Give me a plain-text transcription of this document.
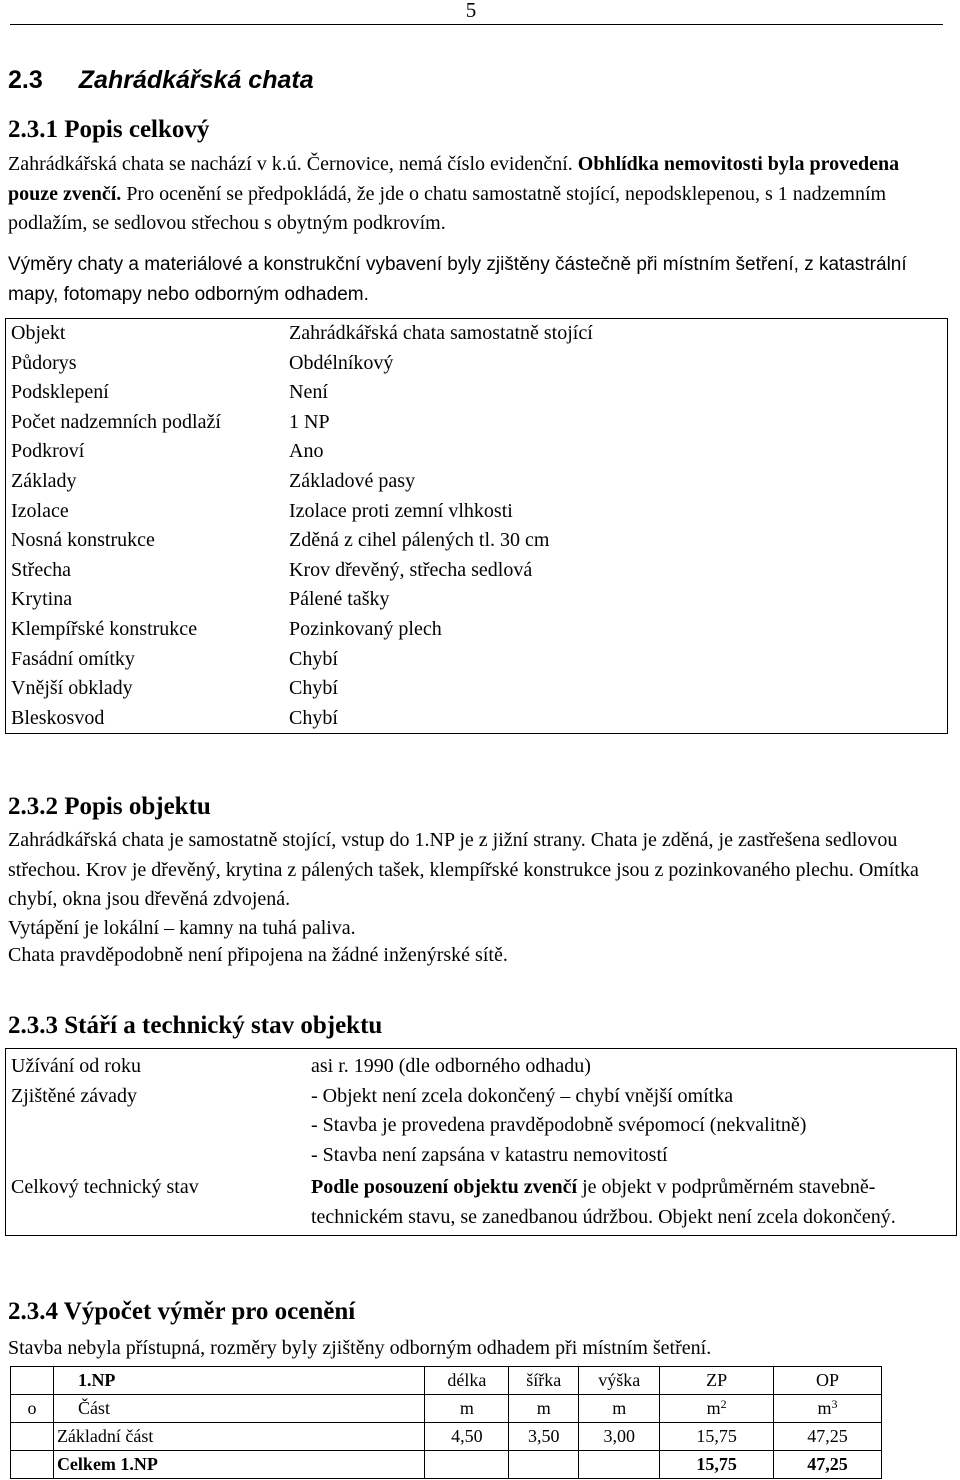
5
2.3 Zahrádkářská chata
2.3.1 Popis celkový
Zahrádkářská chata se nachází v k.ú. Černovice, nemá číslo evidenční. Obhlídka nemovitosti byla provedena pouze zvenčí. Pro ocenění se předpokládá, že jde o chatu samostatně stojící, nepodsklepenou, s 1 nadzemním podlažím, se sedlovou střechou s obytným podkrovím.
Výměry chaty a materiálové a konstrukční vybavení byly zjištěny částečně při místním šetření, z katastrální mapy, fotomapy nebo odborným odhadem.
Objekt	Zahrádkářská chata samostatně stojící
Půdorys	Obdélníkový
Podsklepení	Není
Počet nadzemních podlaží	1 NP
Podkroví	Ano
Základy	Základové pasy
Izolace	Izolace proti zemní vlhkosti
Nosná konstrukce	Zděná z cihel pálených tl. 30 cm
Střecha	Krov dřevěný, střecha sedlová
Krytina	Pálené tašky
Klempířské konstrukce	Pozinkovaný plech
Fasádní omítky	Chybí
Vnější obklady	Chybí
Bleskosvod	Chybí
2.3.2 Popis objektu
Zahrádkářská chata je samostatně stojící, vstup do 1.NP je z jižní strany. Chata je zděná, je zastřešena sedlovou střechou. Krov je dřevěný, krytina z pálených tašek, klempířské konstrukce jsou z pozinkovaného plechu. Omítka chybí, okna jsou dřevěná zdvojená.
Vytápění je lokální – kamny na tuhá paliva.
Chata pravděpodobně není připojena na žádné inženýrské sítě.
2.3.3 Stáří a technický stav objektu
Užívání od roku	asi r. 1990 (dle odborného odhadu)
Zjištěné závady	- Objekt není zcela dokončený – chybí vnější omítka
- Stavba je provedena pravděpodobně svépomocí (nekvalitně)
- Stavba není zapsána v katastru nemovitostí

Celkový technický stav	Podle posouzení objektu zvenčí je objekt v podprůměrném stavebně-technickém stavu, se zanedbanou údržbou. Objekt není zcela dokončený.
2.3.4 Výpočet výměr pro ocenění
Stavba nebyla přístupná, rozměry byly zjištěny odborným odhadem při místním šetření.
	1.NP	délka	šířka	výška	ZP	OP
o	Část	m	m	m	$m^2$	$m^3$
	Základní část	4,50	3,50	3,00	15,75	47,25
	Celkem 1.NP				15,75	47,25
